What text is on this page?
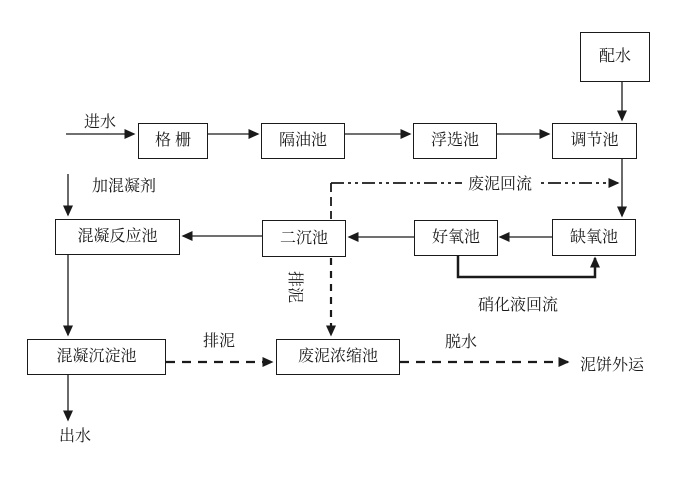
配水
格 栅	隔油池	浮选池	调节池
混凝反应池	二沉池	好氧池	缺氧池
混凝沉淀池	废泥浓缩池
进水
加混凝剂	废泥回流
排泥
排泥	脱水
泥饼外运
硝化液回流
出水
